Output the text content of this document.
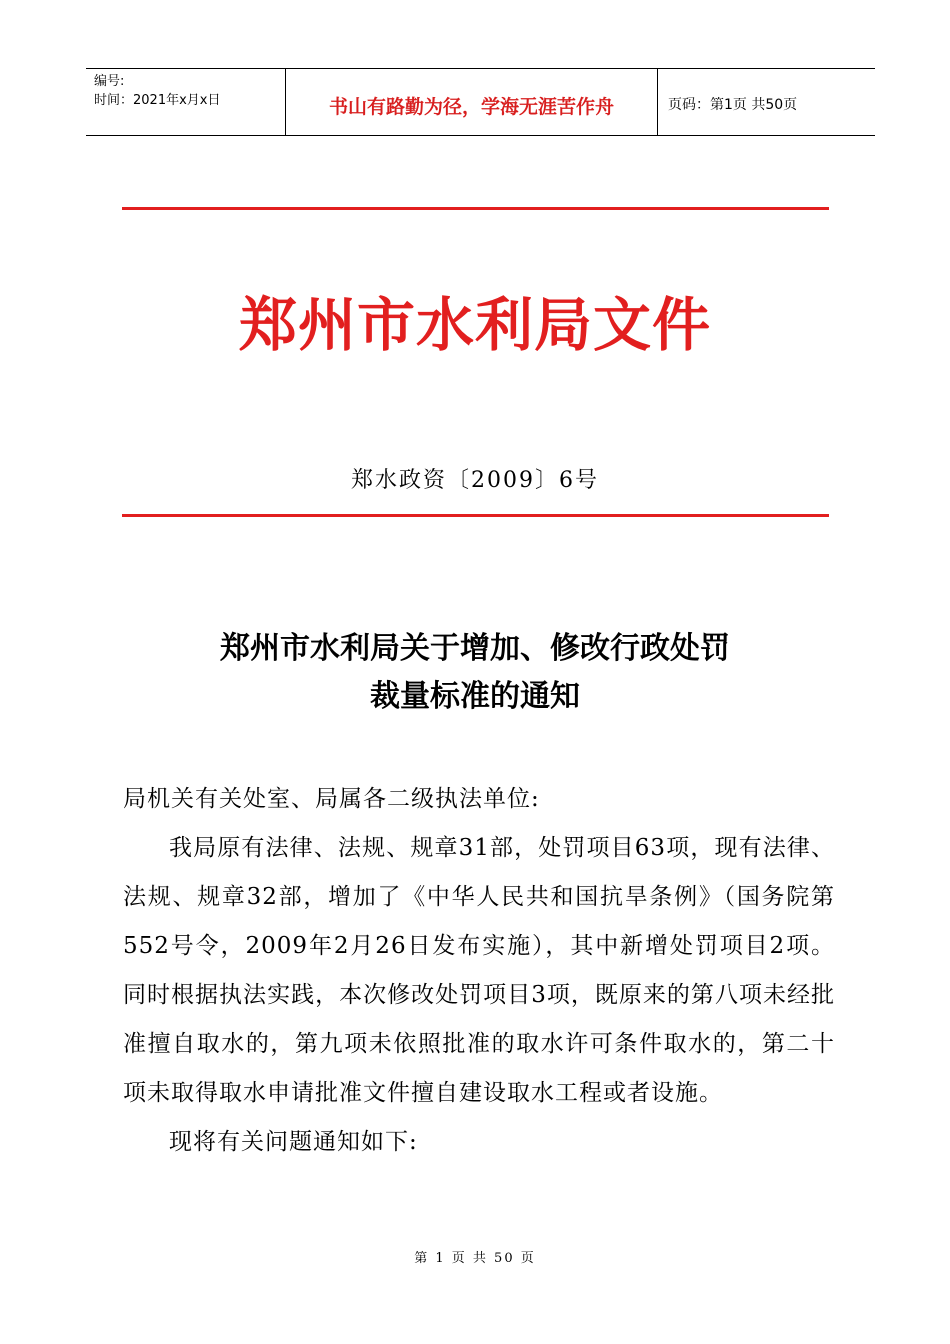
编号:
时间：2021年x月x日	书山有路勤为径，学海无涯苦作舟	页码：第1页 共50页
郑州市水利局文件
郑水政资〔2009〕6号
郑州市水利局关于增加、修改行政处罚
裁量标准的通知

局机关有关处室、局属各二级执法单位:

我局原有法律、法规、规章31部，处罚项目63项，现有法律、法规、规章32部，增加了《中华人民共和国抗旱条例》（国务院第552号令，2009年2月26日发布实施），其中新增处罚项目2项。同时根据执法实践，本次修改处罚项目3项，既原来的第八项未经批准擅自取水的，第九项未依照批准的取水许可条件取水的，第二十项未取得取水申请批准文件擅自建设取水工程或者设施。

现将有关问题通知如下:

第 1 页 共 50 页
